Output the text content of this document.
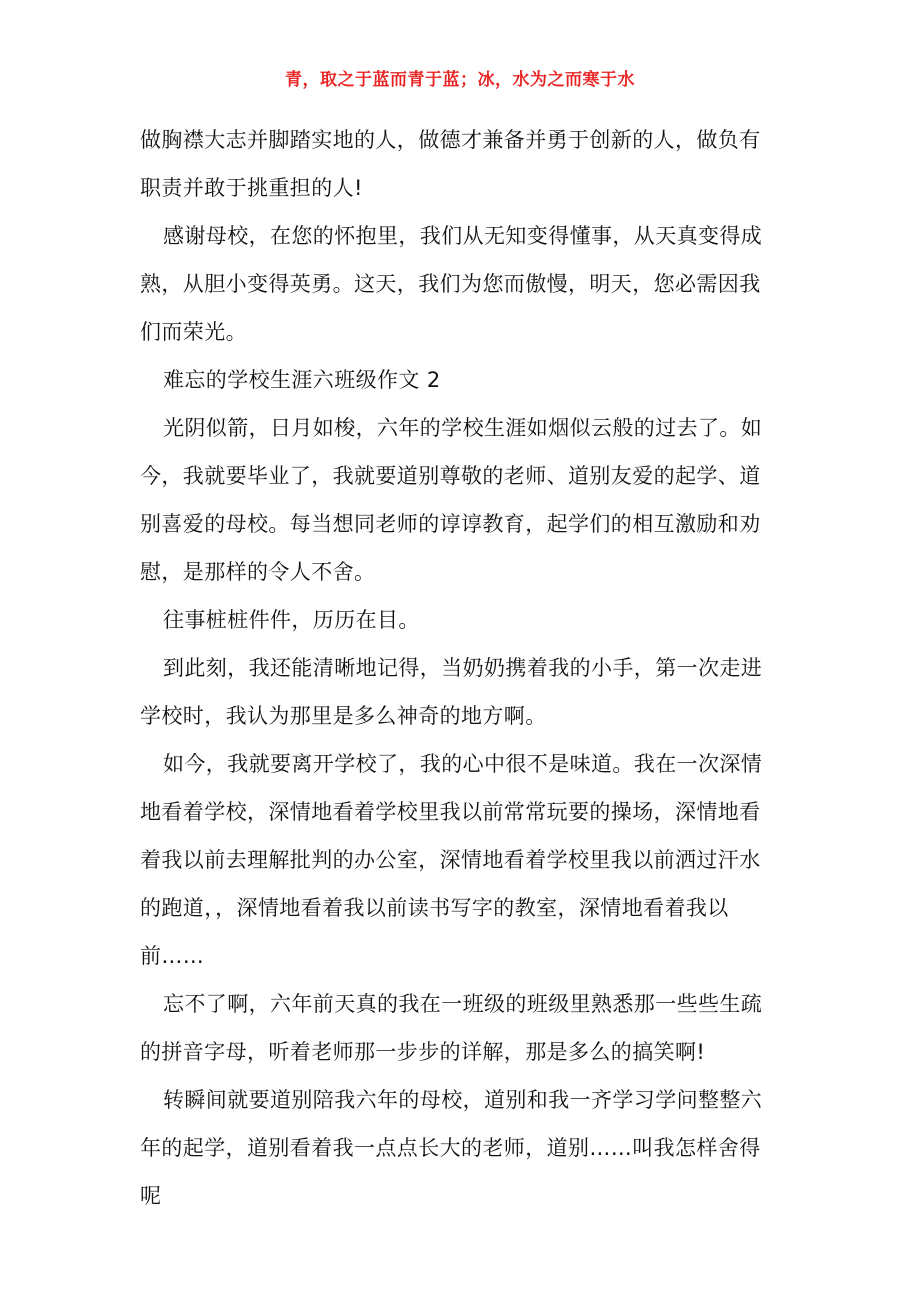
青，取之于蓝而青于蓝；冰，水为之而寒于水

做胸襟大志并脚踏实地的人，做德才兼备并勇于创新的人，做负有职责并敢于挑重担的人!

感谢母校，在您的怀抱里，我们从无知变得懂事，从天真变得成熟，从胆小变得英勇。这天，我们为您而傲慢，明天，您必需因我们而荣光。

难忘的学校生涯六班级作文 2

光阴似箭，日月如梭，六年的学校生涯如烟似云般的过去了。如今，我就要毕业了，我就要道别尊敬的老师、道别友爱的起学、道别喜爱的母校。每当想同老师的谆谆教育，起学们的相互激励和劝慰，是那样的令人不舍。

往事桩桩件件，历历在目。

到此刻，我还能清晰地记得，当奶奶携着我的小手，第一次走进学校时，我认为那里是多么神奇的地方啊。

如今，我就要离开学校了，我的心中很不是味道。我在一次深情地看着学校，深情地看着学校里我以前常常玩要的操场，深情地看着我以前去理解批判的办公室，深情地看着学校里我以前洒过汗水的跑道，，深情地看着我以前读书写字的教室，深情地看着我以前……

忘不了啊，六年前天真的我在一班级的班级里熟悉那一些些生疏的拼音字母，听着老师那一步步的详解，那是多么的搞笑啊!

转瞬间就要道别陪我六年的母校，道别和我一齐学习学问整整六年的起学，道别看着我一点点长大的老师，道别……叫我怎样舍得呢
